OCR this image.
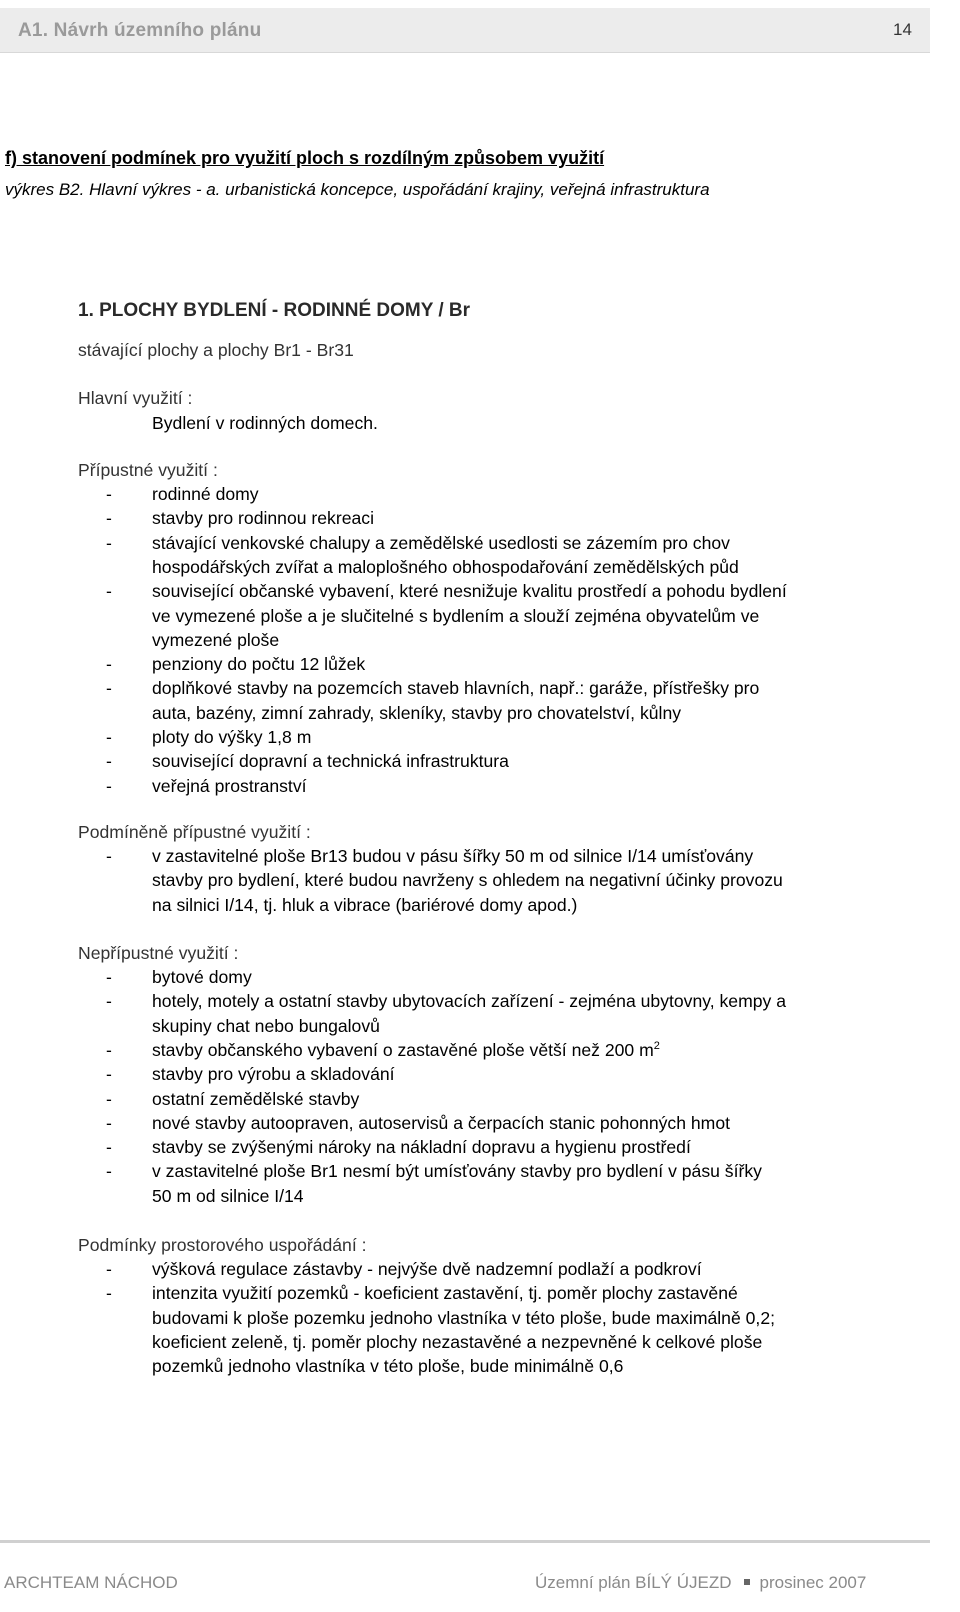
A1. Návrh územního plánu	14
f) stanovení podmínek pro využití ploch s rozdílným způsobem využití
výkres B2. Hlavní výkres - a. urbanistická koncepce, uspořádání krajiny, veřejná infrastruktura
1. PLOCHY BYDLENÍ - RODINNÉ DOMY / Br
stávající plochy a plochy Br1 - Br31
Hlavní využití :
Bydlení v rodinných domech.
Přípustné využití :
- rodinné domy
- stavby pro rodinnou rekreaci
- stávající venkovské chalupy a zemědělské usedlosti se zázemím pro chov
hospodářských zvířat a maloplošného obhospodařování zemědělských půd
- související občanské vybavení, které nesnižuje kvalitu prostředí a pohodu bydlení
ve vymezené ploše a je slučitelné s bydlením a slouží zejména obyvatelům ve
vymezené ploše
- penziony do počtu 12 lůžek
- doplňkové stavby na pozemcích staveb hlavních, např.: garáže, přístřešky pro
auta, bazény, zimní zahrady, skleníky, stavby pro chovatelství, kůlny
- ploty do výšky 1,8 m
- související dopravní a technická infrastruktura
- veřejná prostranství
Podmíněně přípustné využití :
- v zastavitelné ploše Br13 budou v pásu šířky 50 m od silnice I/14 umísťovány
stavby pro bydlení, které budou navrženy s ohledem na negativní účinky provozu
na silnici I/14, tj. hluk a vibrace (bariérové domy apod.)
Nepřípustné využití :
- bytové domy
- hotely, motely a ostatní stavby ubytovacích zařízení - zejména ubytovny, kempy a
skupiny chat nebo bungalovů
- stavby občanského vybavení o zastavěné ploše větší než 200 $m^2$
- stavby pro výrobu a skladování
- ostatní zemědělské stavby
- nové stavby autoopraven, autoservisů a čerpacích stanic pohonných hmot
- stavby se zvýšenými nároky na nákladní dopravu a hygienu prostředí
- v zastavitelné ploše Br1 nesmí být umísťovány stavby pro bydlení v pásu šířky
50 m od silnice I/14
Podmínky prostorového uspořádání :
- výšková regulace zástavby - nejvýše dvě nadzemní podlaží a podkroví
- intenzita využití pozemků - koeficient zastavění, tj. poměr plochy zastavěné
budovami k ploše pozemku jednoho vlastníka v této ploše, bude maximálně 0,2;
koeficient zeleně, tj. poměr plochy nezastavěné a nezpevněné k celkové ploše
pozemků jednoho vlastníka v této ploše, bude minimálně 0,6
ARCHTEAM NÁCHOD	Územní plán BÍLÝ ÚJEZD prosinec 2007
